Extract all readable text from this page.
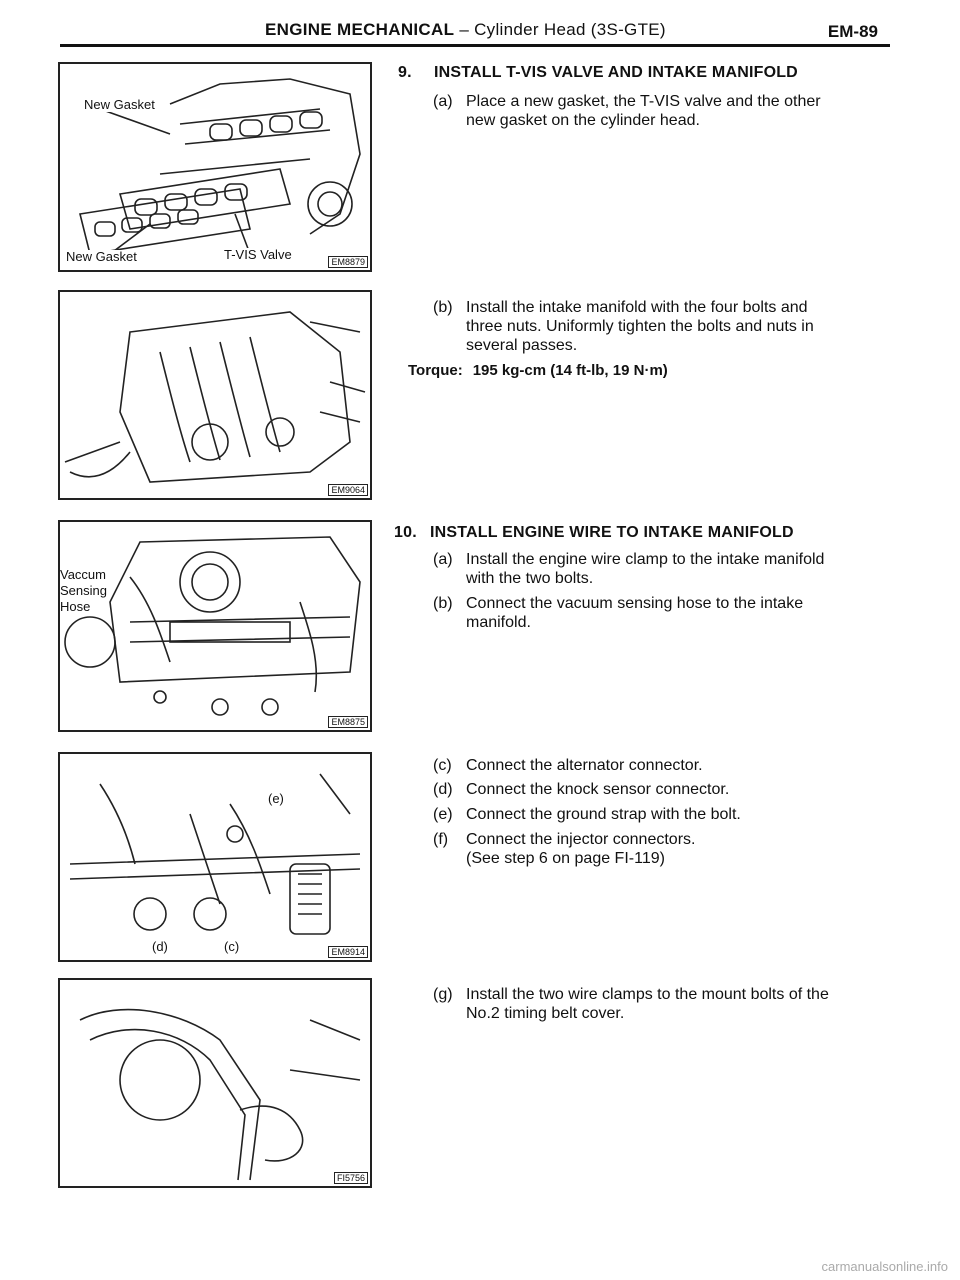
ENGINE MECHANICAL – Cylinder Head (3S-GTE)	EM-89
New Gasket
New Gasket	T-VIS Valve	EM8879
EM9064
Vaccum
Sensing
Hose
EM8875
(e)
(d)	(c)	EM8914
FI5756
9. INSTALL T-VIS VALVE AND INTAKE MANIFOLD
(a) Place a new gasket, the T-VIS valve and the other
new gasket on the cylinder head.
(b) Install the intake manifold with the four bolts and
three nuts. Uniformly tighten the bolts and nuts in
several passes.
Torque: 195 kg-cm (14 ft-lb, 19 N·m)
10. INSTALL ENGINE WIRE TO INTAKE MANIFOLD
(a) Install the engine wire clamp to the intake manifold
with the two bolts.
(b) Connect the vacuum sensing hose to the intake
manifold.
(c) Connect the alternator connector.
(d) Connect the knock sensor connector.
(e) Connect the ground strap with the bolt.
(f) Connect the injector connectors.
(See step 6 on page FI-119)
(g) Install the two wire clamps to the mount bolts of the
No.2 timing belt cover.
carmanualsonline.info
